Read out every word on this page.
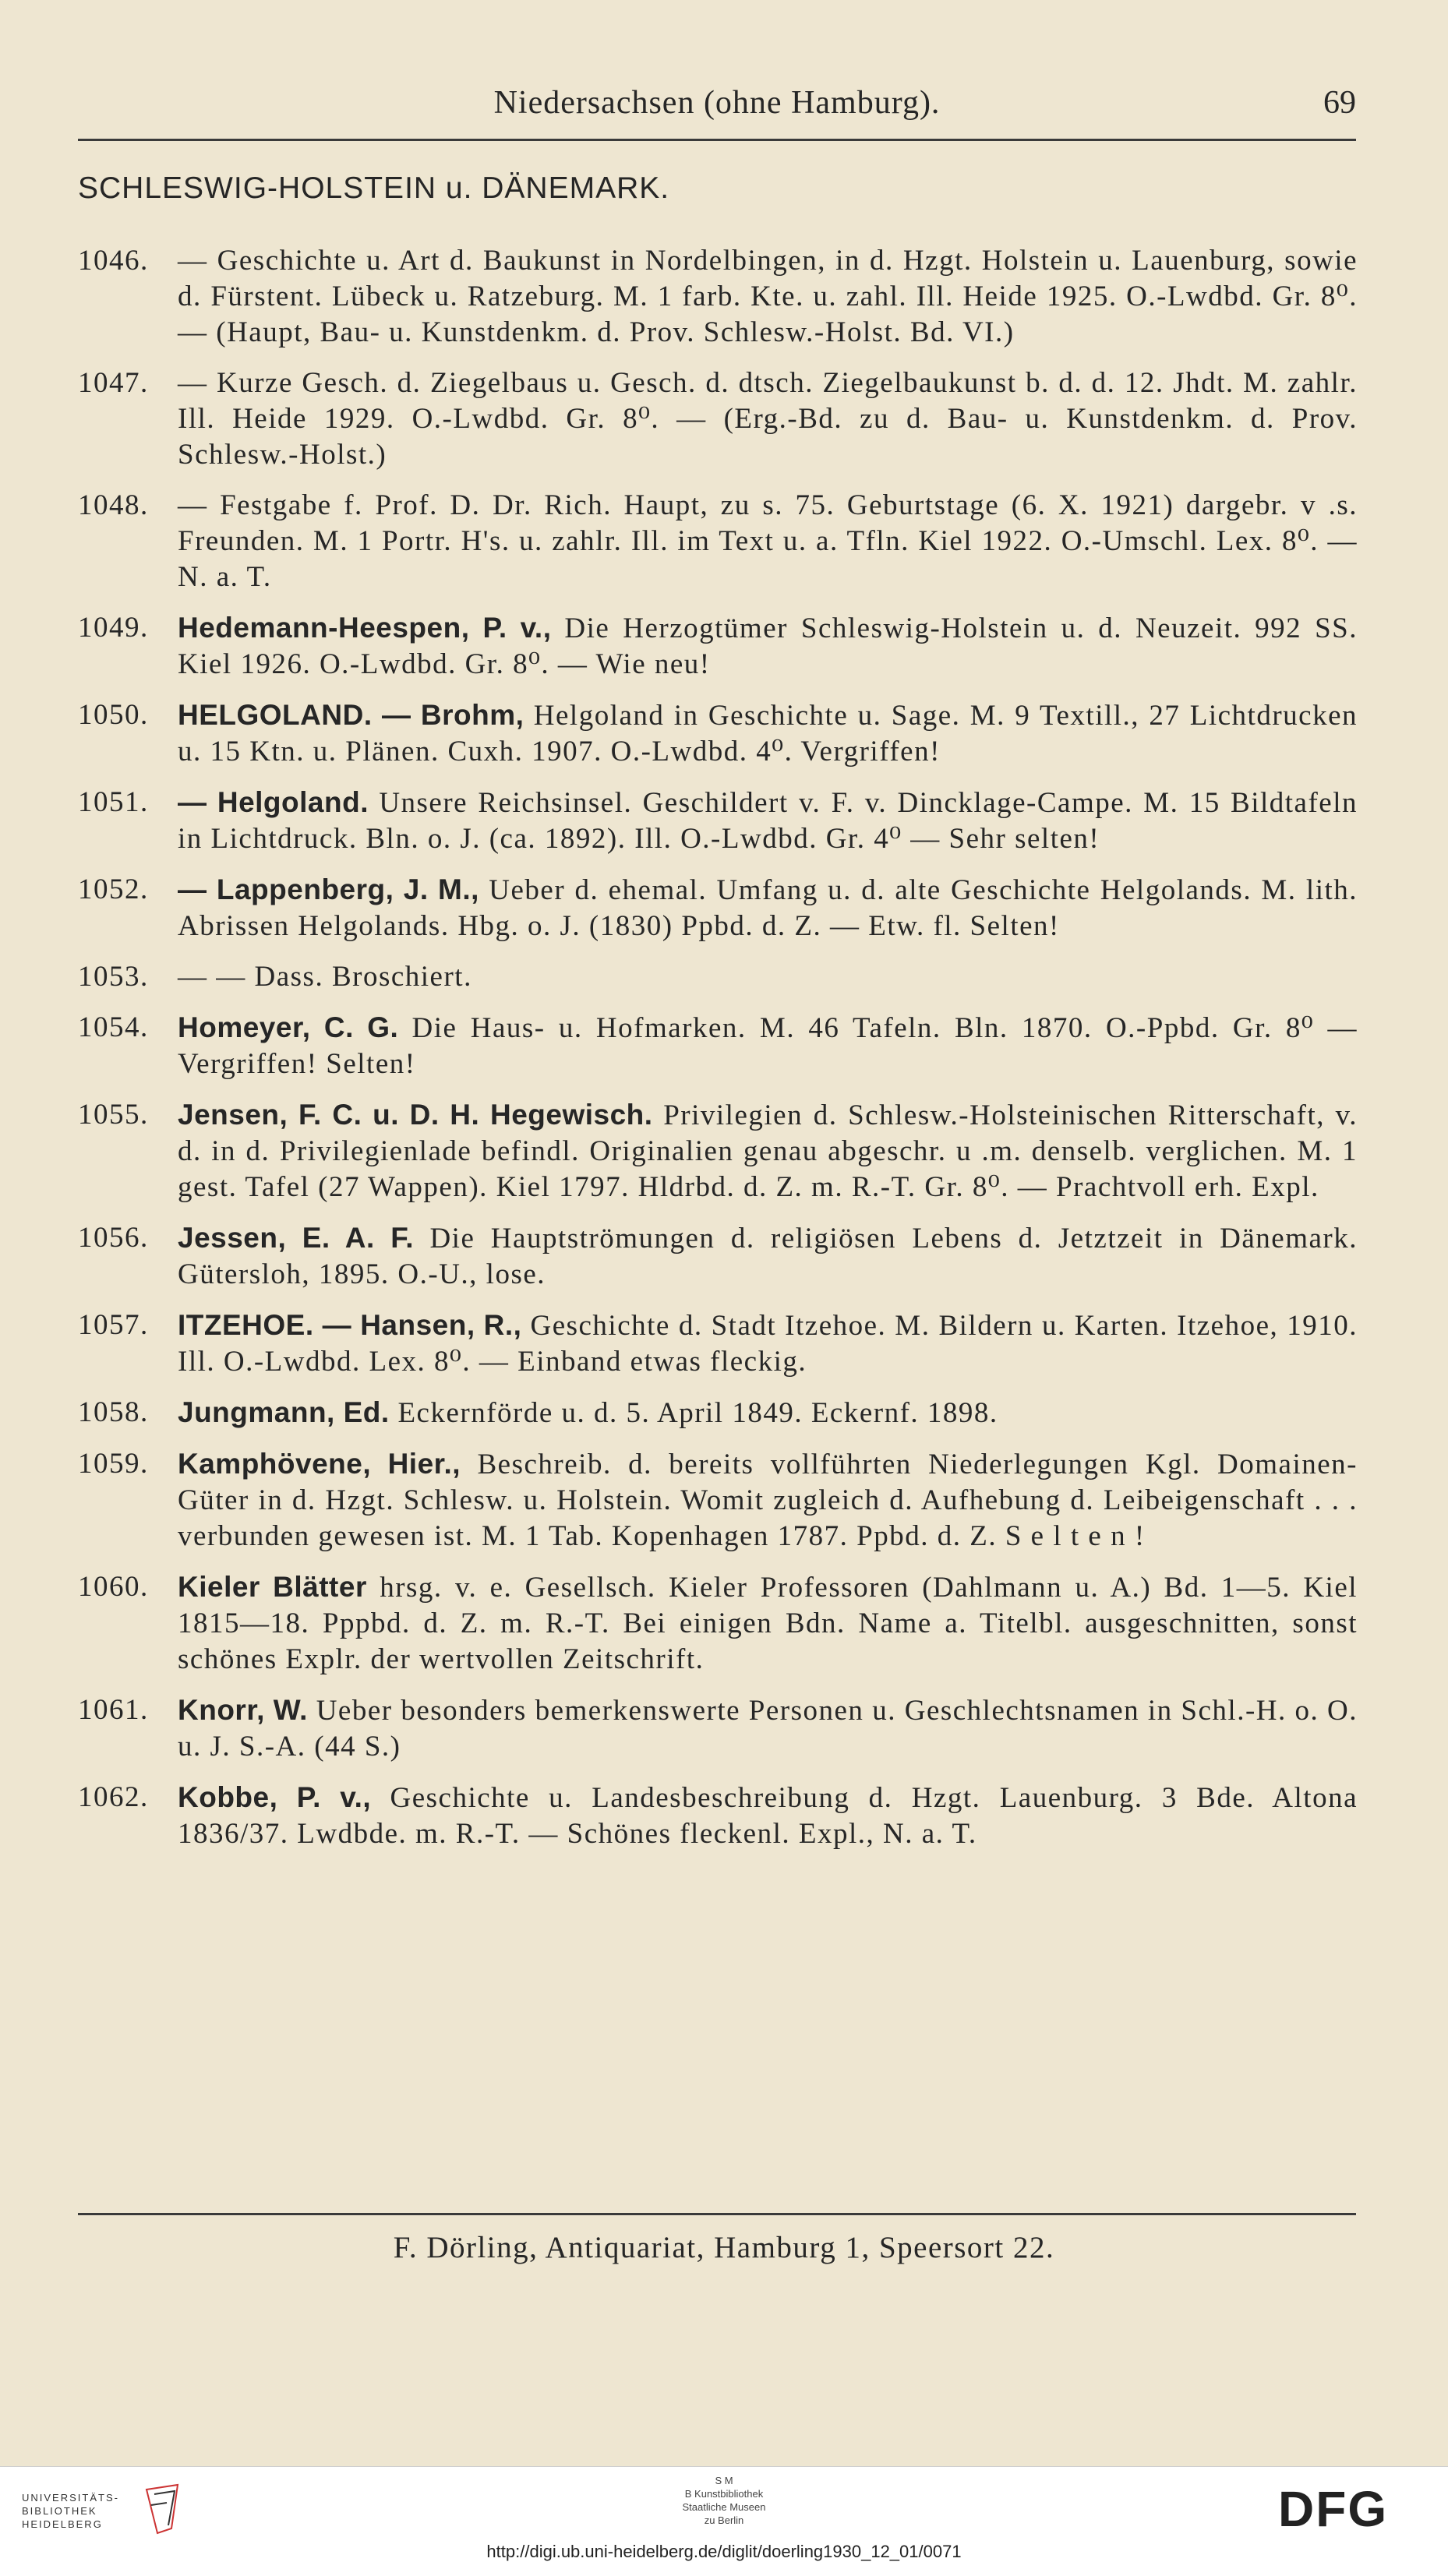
Niedersachsen (ohne Hamburg).	69
SCHLESWIG-HOLSTEIN u. DÄNEMARK.
1046.	— Geschichte u. Art d. Baukunst in Nordelbingen, in d. Hzgt. Holstein u. Lauenburg, sowie d. Fürstent. Lübeck u. Ratzeburg. M. 1 farb. Kte. u. zahl. Ill. Heide 1925. O.-Lwdbd. Gr. 8⁰. — (Haupt, Bau- u. Kunstdenkm. d. Prov. Schlesw.-Holst. Bd. VI.)
1047.	— Kurze Gesch. d. Ziegelbaus u. Gesch. d. dtsch. Ziegelbaukunst b. d. d. 12. Jhdt. M. zahlr. Ill. Heide 1929. O.-Lwdbd. Gr. 8⁰. — (Erg.-Bd. zu d. Bau- u. Kunstdenkm. d. Prov. Schlesw.-Holst.)
1048.	— Festgabe f. Prof. D. Dr. Rich. Haupt, zu s. 75. Geburtstage (6. X. 1921) dargebr. v .s. Freunden. M. 1 Portr. H's. u. zahlr. Ill. im Text u. a. Tfln. Kiel 1922. O.-Umschl. Lex. 8⁰. — N. a. T.
1049.	Hedemann-Heespen, P. v., Die Herzogtümer Schleswig-Holstein u. d. Neuzeit. 992 SS. Kiel 1926. O.-Lwdbd. Gr. 8⁰. — Wie neu!
1050.	HELGOLAND. — Brohm, Helgoland in Geschichte u. Sage. M. 9 Textill., 27 Lichtdrucken u. 15 Ktn. u. Plänen. Cuxh. 1907. O.-Lwdbd. 4⁰. Vergriffen!
1051.	— Helgoland. Unsere Reichsinsel. Geschildert v. F. v. Dincklage-Campe. M. 15 Bildtafeln in Lichtdruck. Bln. o. J. (ca. 1892). Ill. O.-Lwdbd. Gr. 4⁰ — Sehr selten!
1052.	— Lappenberg, J. M., Ueber d. ehemal. Umfang u. d. alte Geschichte Helgolands. M. lith. Abrissen Helgolands. Hbg. o. J. (1830) Ppbd. d. Z. — Etw. fl. Selten!
1053.	— — Dass. Broschiert.
1054.	Homeyer, C. G. Die Haus- u. Hofmarken. M. 46 Tafeln. Bln. 1870. O.-Ppbd. Gr. 8⁰ — Vergriffen! Selten!
1055.	Jensen, F. C. u. D. H. Hegewisch. Privilegien d. Schlesw.-Holsteinischen Ritterschaft, v. d. in d. Privilegienlade befindl. Originalien genau abgeschr. u .m. denselb. verglichen. M. 1 gest. Tafel (27 Wappen). Kiel 1797. Hldrbd. d. Z. m. R.-T. Gr. 8⁰. — Prachtvoll erh. Expl.
1056.	Jessen, E. A. F. Die Hauptströmungen d. religiösen Lebens d. Jetztzeit in Dänemark. Gütersloh, 1895. O.-U., lose.
1057.	ITZEHOE. — Hansen, R., Geschichte d. Stadt Itzehoe. M. Bildern u. Karten. Itzehoe, 1910. Ill. O.-Lwdbd. Lex. 8⁰. — Einband etwas fleckig.
1058.	Jungmann, Ed. Eckernförde u. d. 5. April 1849. Eckernf. 1898.
1059.	Kamphövene, Hier., Beschreib. d. bereits vollführten Niederlegungen Kgl. Domainen-Güter in d. Hzgt. Schlesw. u. Holstein. Womit zugleich d. Aufhebung d. Leibeigenschaft . . . verbunden gewesen ist. M. 1 Tab. Kopenhagen 1787. Ppbd. d. Z. S e l t e n !
1060.	Kieler Blätter hrsg. v. e. Gesellsch. Kieler Professoren (Dahlmann u. A.) Bd. 1—5. Kiel 1815—18. Pppbd. d. Z. m. R.-T. Bei einigen Bdn. Name a. Titelbl. ausgeschnitten, sonst schönes Explr. der wertvollen Zeitschrift.
1061.	Knorr, W. Ueber besonders bemerkenswerte Personen u. Geschlechtsnamen in Schl.-H. o. O. u. J. S.-A. (44 S.)
1062.	Kobbe, P. v., Geschichte u. Landesbeschreibung d. Hzgt. Lauenburg. 3 Bde. Altona 1836/37. Lwdbde. m. R.-T. — Schönes fleckenl. Expl., N. a. T.
F. Dörling, Antiquariat, Hamburg 1, Speersort 22.
UNIVERSITÄTS-
BIBLIOTHEK
HEIDELBERG
S M
B Kunstbibliothek
Staatliche Museen
zu Berlin	DFG
http://digi.ub.uni-heidelberg.de/diglit/doerling1930_12_01/0071
